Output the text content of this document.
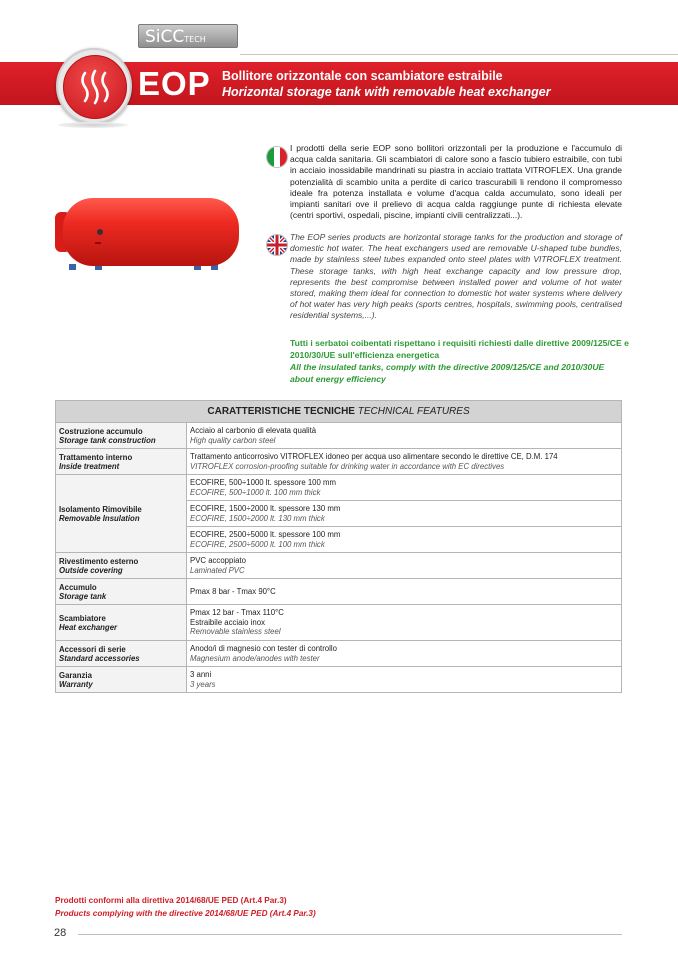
SiCCTECH
EOP Bollitore orizzontale con scambiatore estraibile
Horizontal storage tank with removable heat exchanger
I prodotti della serie EOP sono bollitori orizzontali per la produzione e l'accumulo di acqua calda sanitaria. Gli scambiatori di calore sono a fascio tubiero estraibile, con tubi in acciaio inossidabile mandrinati su piastra in acciaio trattata VITROFLEX. Una grande potenzialità di scambio unita a perdite di carico trascurabili li rendono il compromesso ideale fra potenza installata e volume d'acqua calda accumulato, sono ideali per impianti sanitari ove il prelievo di acqua calda raggiunge punte di richiesta elevate (centri sportivi, ospedali, piscine, impianti civili centralizzati...).
The EOP series products are horizontal storage tanks for the production and storage of domestic hot water. The heat exchangers used are removable U-shaped tube bundles, made by stainless steel tubes expanded onto steel plates with VITROFLEX treatment. These storage tanks, with high heat exchange capacity and low pressure drop, represents the best compromise between installed power and volume of hot water stored, making them ideal for connection to domestic hot water systems where delivery of hot water has very high peaks (sports centres, hospitals, swimming pools, centralised residential systems,...).
Tutti i serbatoi coibentati rispettano i requisiti richiesti dalle direttive 2009/125/CE e 2010/30/UE sull'efficienza energetica
All the insulated tanks, comply with the directive 2009/125/CE and 2010/30UE about energy efficiency
CARATTERISTICHE TECNICHE TECHNICAL FEATURES	
Costruzione accumulo
Storage tank construction	Acciaio al carbonio di elevata qualità
High quality carbon steel

Trattamento interno
Inside treatment	Trattamento anticorrosivo VITROFLEX idoneo per acqua uso alimentare secondo le direttive CE, D.M. 174
VITROFLEX corrosion-proofing suitable for drinking water in accordance with EC directives

Isolamento Rimovibile
Removable Insulation	ECOFIRE, 500÷1000 lt. spessore 100 mm
ECOFIRE, 500÷1000 lt. 100 mm thick

	ECOFIRE, 1500÷2000 lt. spessore 130 mm
ECOFIRE, 1500÷2000 lt. 130 mm thick

	ECOFIRE, 2500÷5000 lt. spessore 100 mm
ECOFIRE, 2500÷5000 lt. 100 mm thick

Rivestimento esterno
Outside covering	PVC accoppiato
Laminated PVC

Accumulo
Storage tank	Pmax 8 bar - Tmax 90°C
Scambiatore
Heat exchanger	Pmax 12 bar - Tmax 110°C
Estraibile acciaio inox
Removable stainless steel

Accessori di serie
Standard accessories	Anodo/i di magnesio con tester di controllo
Magnesium anode/anodes with tester

Garanzia
Warranty	3 anni
3 years
Prodotti conformi alla direttiva 2014/68/UE PED (Art.4 Par.3)
Products complying with the directive 2014/68/UE PED (Art.4 Par.3)
28
